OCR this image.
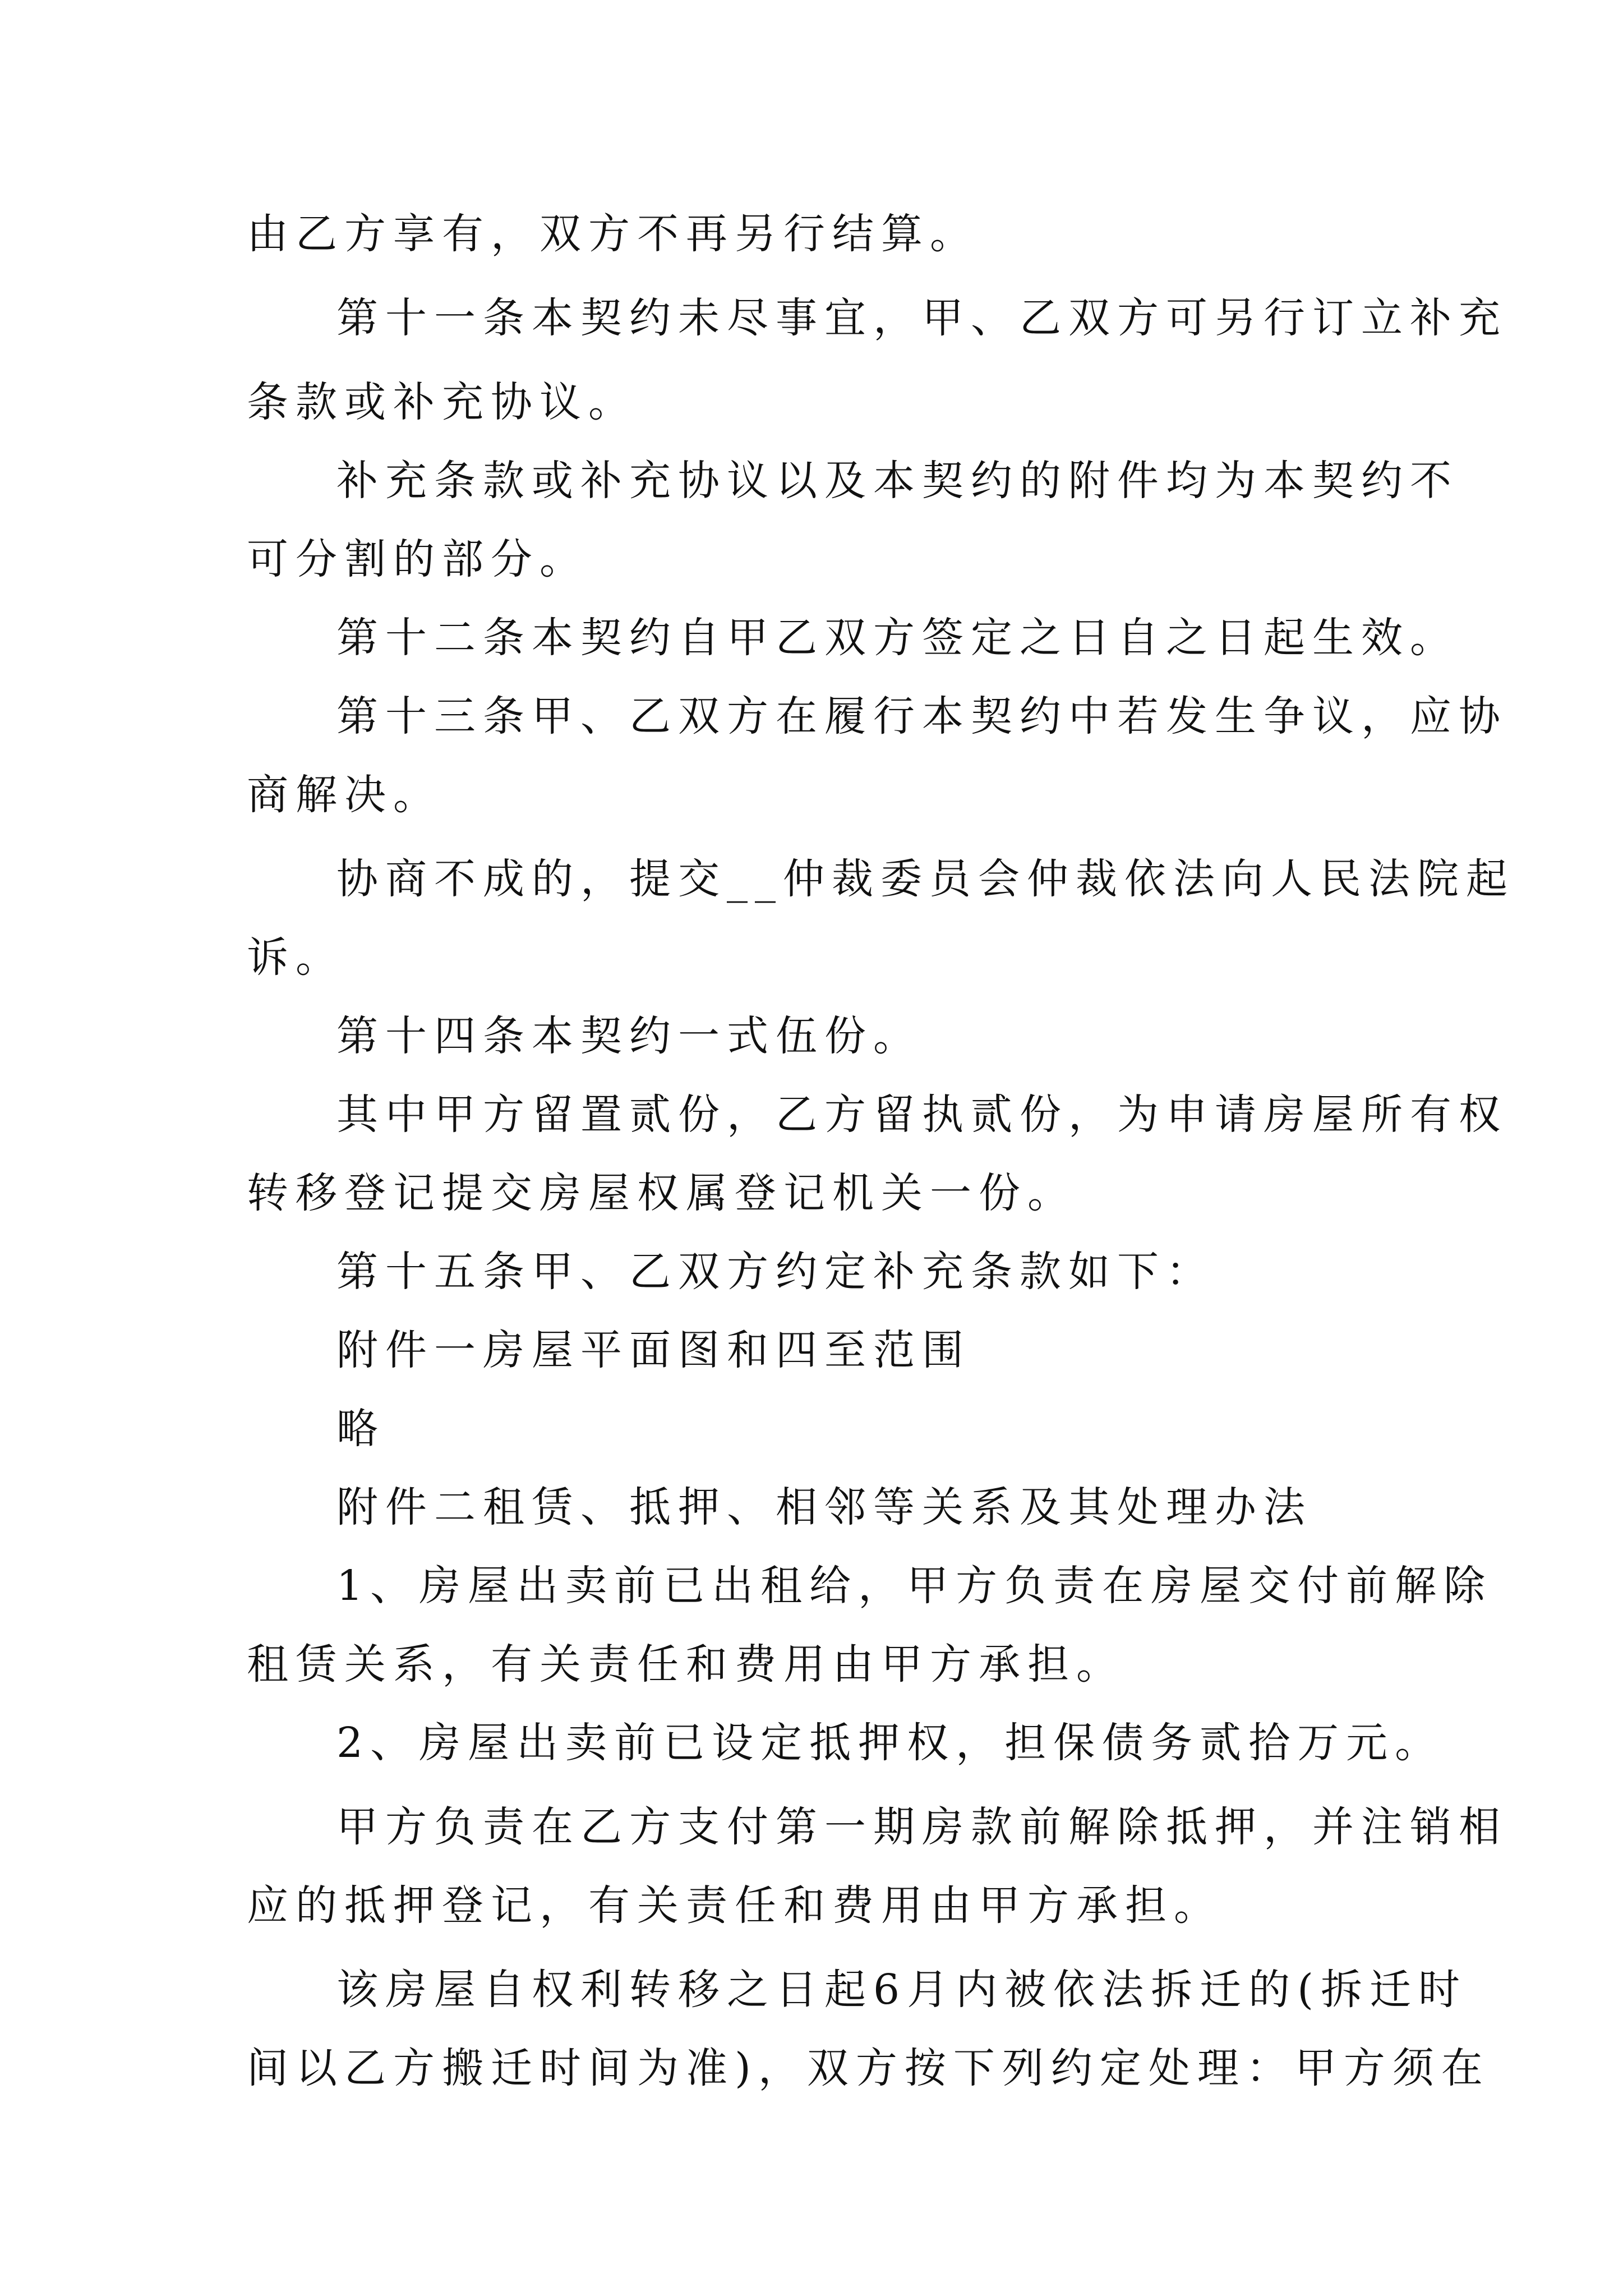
由乙方享有，双方不再另行结算。
第十一条本契约未尽事宜，甲、乙双方可另行订立补充
条款或补充协议。
补充条款或补充协议以及本契约的附件均为本契约不
可分割的部分。
第十二条本契约自甲乙双方签定之日自之日起生效。
第十三条甲、乙双方在履行本契约中若发生争议，应协
商解决。
协商不成的，提交__仲裁委员会仲裁依法向人民法院起
诉。
第十四条本契约一式伍份。
其中甲方留置贰份，乙方留执贰份，为申请房屋所有权
转移登记提交房屋权属登记机关一份。
第十五条甲、乙双方约定补充条款如下：
附件一房屋平面图和四至范围
略
附件二租赁、抵押、相邻等关系及其处理办法
1、房屋出卖前已出租给，甲方负责在房屋交付前解除
租赁关系，有关责任和费用由甲方承担。
2、房屋出卖前已设定抵押权，担保债务贰拾万元。
甲方负责在乙方支付第一期房款前解除抵押，并注销相
应的抵押登记，有关责任和费用由甲方承担。
该房屋自权利转移之日起6月内被依法拆迁的(拆迁时
间以乙方搬迁时间为准)，双方按下列约定处理：甲方须在
